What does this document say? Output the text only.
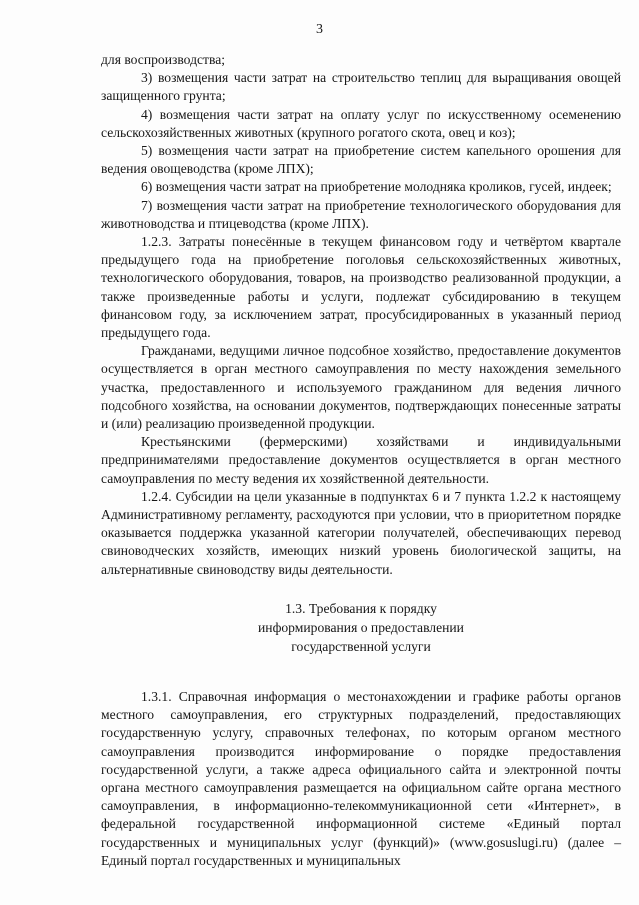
3

для воспроизводства;

3) возмещения части затрат на строительство теплиц для выращивания овощей защищенного грунта;

4) возмещения части затрат на оплату услуг по искусственному осеменению сельскохозяйственных животных (крупного рогатого скота, овец и коз);

5) возмещения части затрат на приобретение систем капельного орошения для ведения овощеводства (кроме ЛПХ);

6) возмещения части затрат на приобретение молодняка кроликов, гусей, индеек;

7) возмещения части затрат на приобретение технологического оборудования для животноводства и птицеводства (кроме ЛПХ).

1.2.3. Затраты понесённые в текущем финансовом году и четвёртом квартале предыдущего года на приобретение поголовья сельскохозяйственных животных, технологического оборудования, товаров, на производство реализованной продукции, а также произведенные работы и услуги, подлежат субсидированию в текущем финансовом году, за исключением затрат, просубсидированных в указанный период предыдущего года.

Гражданами, ведущими личное подсобное хозяйство, предоставление документов осуществляется в орган местного самоуправления по месту нахождения земельного участка, предоставленного и используемого гражданином для ведения личного подсобного хозяйства, на основании документов, подтверждающих понесенные затраты и (или) реализацию произведенной продукции.

Крестьянскими (фермерскими) хозяйствами и индивидуальными предпринимателями предоставление документов осуществляется в орган местного самоуправления по месту ведения их хозяйственной деятельности.

1.2.4. Субсидии на цели указанные в подпунктах 6 и 7 пункта 1.2.2 к настоящему Административному регламенту, расходуются при условии, что в приоритетном порядке оказывается поддержка указанной категории получателей, обеспечивающих перевод свиноводческих хозяйств, имеющих низкий уровень биологической защиты, на альтернативные свиноводству виды деятельности.

1.3. Требования к порядку
информирования о предоставлении
государственной услуги

1.3.1. Справочная информация о местонахождении и графике работы органов местного самоуправления, его структурных подразделений, предоставляющих государственную услугу, справочных телефонах, по которым органом местного самоуправления производится информирование о порядке предоставления государственной услуги, а также адреса официального сайта и электронной почты органа местного самоуправления размещается на официальном сайте органа местного самоуправления, в информационно-телекоммуникационной сети «Интернет», в федеральной государственной информационной системе «Единый портал государственных и муниципальных услуг (функций)» (www.gosuslugi.ru) (далее – Единый портал государственных и муниципальных
